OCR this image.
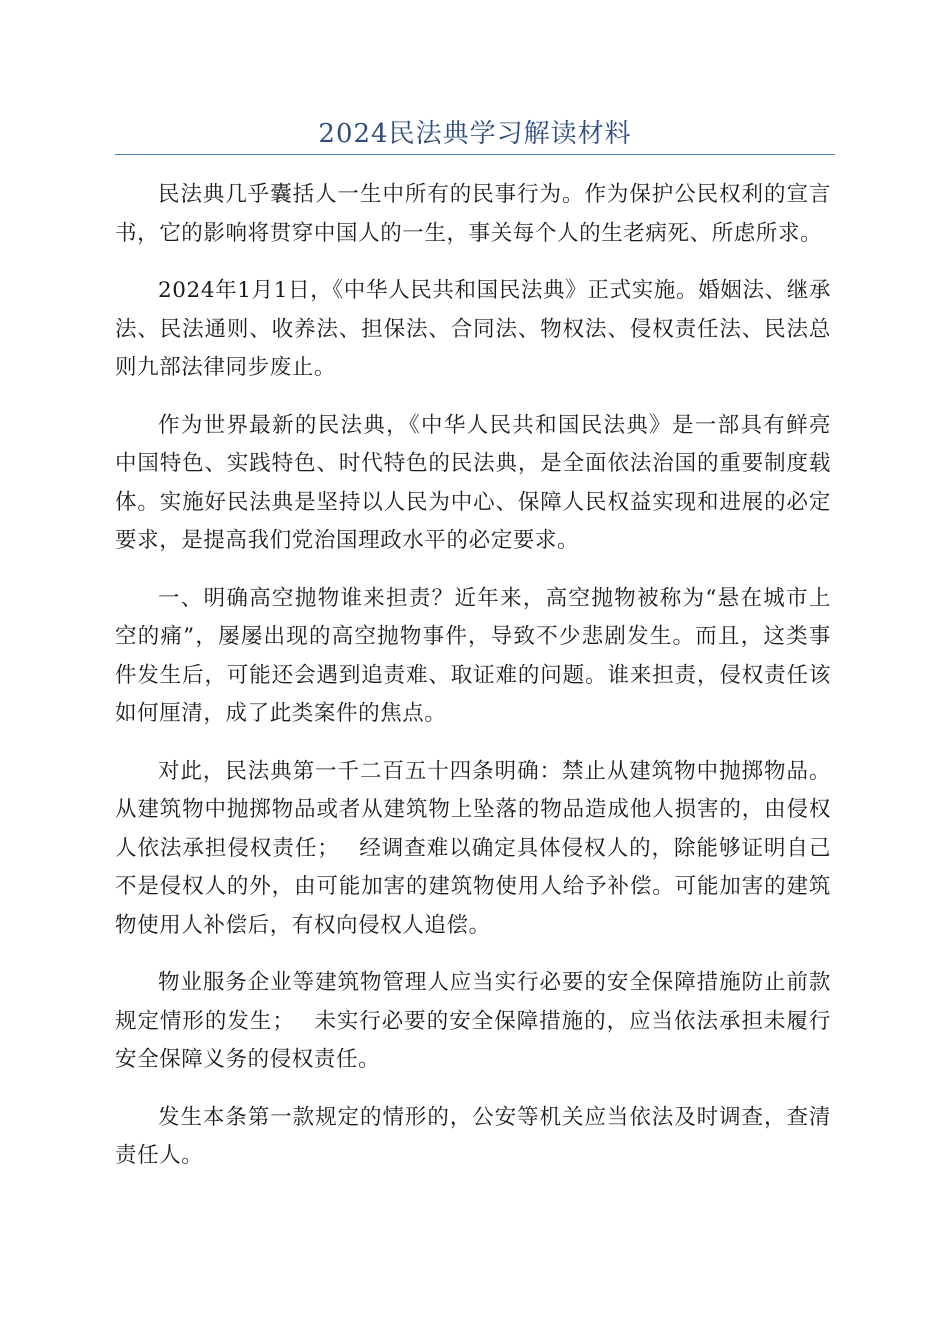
2024民法典学习解读材料

民法典几乎囊括人一生中所有的民事行为。作为保护公民权利的宣言书，它的影响将贯穿中国人的一生，事关每个人的生老病死、所虑所求。

2024年1月1日，《中华人民共和国民法典》正式实施。婚姻法、继承法、民法通则、收养法、担保法、合同法、物权法、侵权责任法、民法总则九部法律同步废止。

作为世界最新的民法典，《中华人民共和国民法典》是一部具有鲜亮中国特色、实践特色、时代特色的民法典，是全面依法治国的重要制度载体。实施好民法典是坚持以人民为中心、保障人民权益实现和进展的必定要求，是提高我们党治国理政水平的必定要求。

一、明确高空抛物谁来担责？近年来，高空抛物被称为“悬在城市上空的痛”，屡屡出现的高空抛物事件，导致不少悲剧发生。而且，这类事件发生后，可能还会遇到追责难、取证难的问题。谁来担责，侵权责任该如何厘清，成了此类案件的焦点。

对此，民法典第一千二百五十四条明确：禁止从建筑物中抛掷物品。从建筑物中抛掷物品或者从建筑物上坠落的物品造成他人损害的，由侵权人依法承担侵权责任；　 经调查难以确定具体侵权人的，除能够证明自己不是侵权人的外，由可能加害的建筑物使用人给予补偿。可能加害的建筑物使用人补偿后，有权向侵权人追偿。

物业服务企业等建筑物管理人应当实行必要的安全保障措施防止前款规定情形的发生；　 未实行必要的安全保障措施的，应当依法承担未履行安全保障义务的侵权责任。

发生本条第一款规定的情形的，公安等机关应当依法及时调查，查清责任人。
